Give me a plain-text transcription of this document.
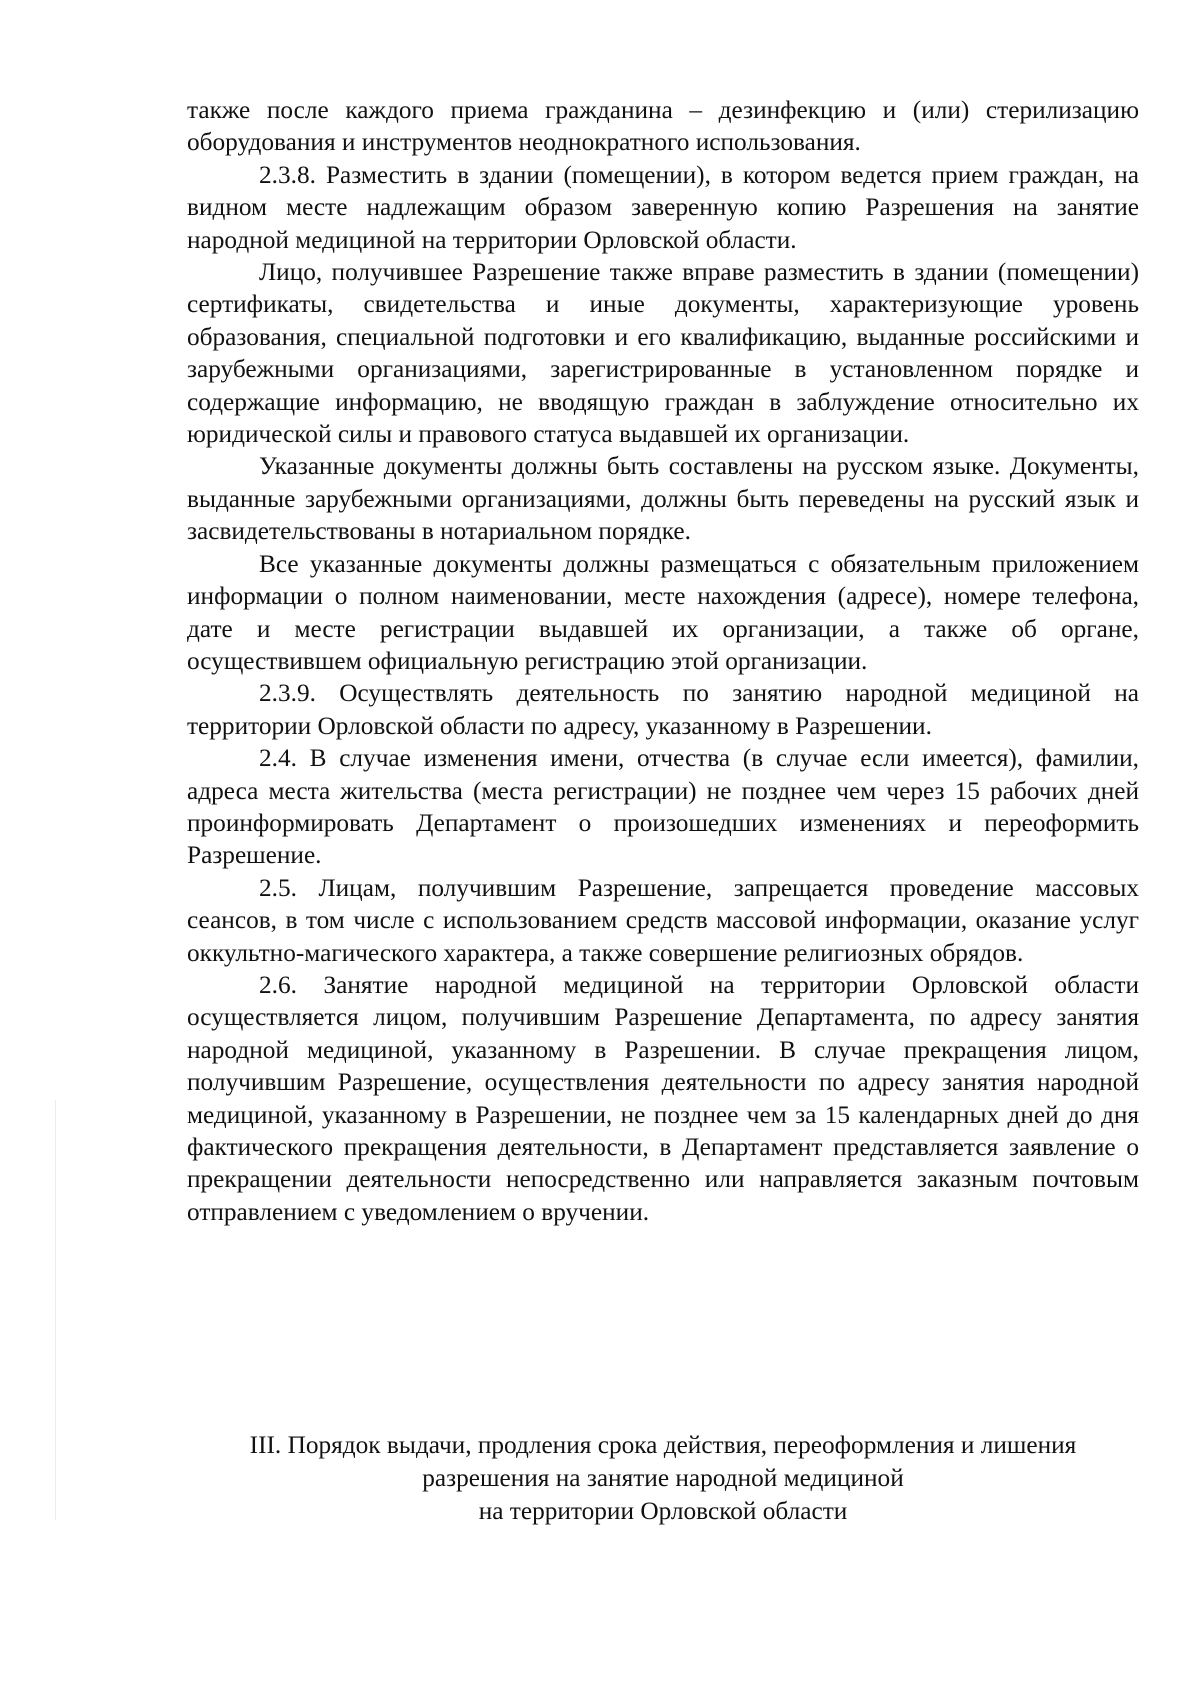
также после каждого приема гражданина – дезинфекцию и (или) стерилизацию оборудования и инструментов неоднократного использования.

2.3.8. Разместить в здании (помещении), в котором ведется прием граждан, на видном месте надлежащим образом заверенную копию Разрешения на занятие народной медициной на территории Орловской области.

Лицо, получившее Разрешение также вправе разместить в здании (помещении) сертификаты, свидетельства и иные документы, характеризующие уровень образования, специальной подготовки и его квалификацию, выданные российскими и зарубежными организациями, зарегистрированные в установленном порядке и содержащие информацию, не вводящую граждан в заблуждение относительно их юридической силы и правового статуса выдавшей их организации.

Указанные документы должны быть составлены на русском языке. Документы, выданные зарубежными организациями, должны быть переведены на русский язык и засвидетельствованы в нотариальном порядке.

Все указанные документы должны размещаться с обязательным приложением информации о полном наименовании, месте нахождения (адресе), номере телефона, дате и месте регистрации выдавшей их организации, а также об органе, осуществившем официальную регистрацию этой организации.

2.3.9. Осуществлять деятельность по занятию народной медициной на территории Орловской области по адресу, указанному в Разрешении.

2.4. В случае изменения имени, отчества (в случае если имеется), фамилии, адреса места жительства (места регистрации) не позднее чем через 15 рабочих дней проинформировать Департамент о произошедших изменениях и переоформить Разрешение.

2.5. Лицам, получившим Разрешение, запрещается проведение массовых сеансов, в том числе с использованием средств массовой информации, оказание услуг оккультно-магического характера, а также совершение религиозных обрядов.

2.6. Занятие народной медициной на территории Орловской области осуществляется лицом, получившим Разрешение Департамента, по адресу занятия народной медициной, указанному в Разрешении. В случае прекращения лицом, получившим Разрешение, осуществления деятельности по адресу занятия народной медициной, указанному в Разрешении, не позднее чем за 15 календарных дней до дня фактического прекращения деятельности, в Департамент представляется заявление о прекращении деятельности непосредственно или направляется заказным почтовым отправлением с уведомлением о вручении.

III. Порядок выдачи, продления срока действия, переоформления и лишения
разрешения на занятие народной медициной
на территории Орловской области
